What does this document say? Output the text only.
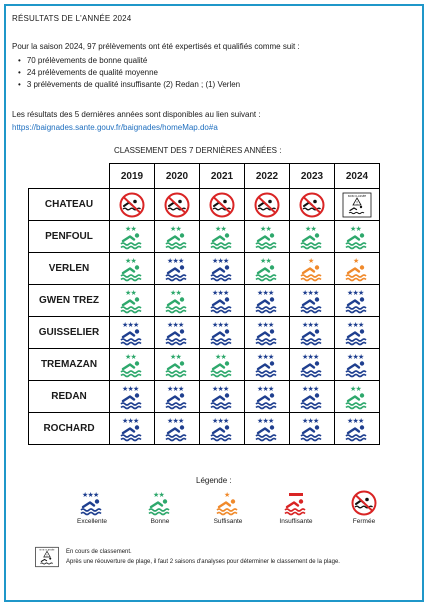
RÉSULTATS DE L'ANNÉE 2024
Pour la saison 2024, 97 prélèvements ont été expertisés et qualifiés comme suit :
• 70 prélèvements de bonne qualité
• 24 prélèvements de qualité moyenne
• 3 prélèvements de qualité insuffisante (2) Redan ; (1) Verlen
Les résultats des 5 dernières années sont disponibles au lien suivant :
https://baignades.sante.gouv.fr/baignades/homeMap.do#a
CLASSEMENT DES 7 DERNIÈRES ANNÉES :
	2019	2020	2021	2022	2023	2024
CHATEAU						NON CLASSÉE
!

PENFOUL	★ ★	★ ★	★ ★	★ ★	★ ★	★ ★

VERLEN	★ ★	★ ★ ★	★ ★ ★	★ ★	★	★

GWEN TREZ	★ ★	★ ★	★ ★ ★	★ ★ ★	★ ★ ★	★ ★ ★

GUISSELIER	★ ★ ★	★ ★ ★	★ ★ ★	★ ★ ★	★ ★ ★	★ ★ ★

TREMAZAN	★ ★	★ ★	★ ★	★ ★ ★	★ ★ ★	★ ★ ★

REDAN	★ ★ ★	★ ★ ★	★ ★ ★	★ ★ ★	★ ★ ★	★ ★

ROCHARD	★ ★ ★	★ ★ ★	★ ★ ★	★ ★ ★	★ ★ ★	★ ★ ★
Légende :
★ ★ ★
Excellente
★ ★
Bonne
★
Suffisante	Insuffisante	Fermée
NON CLASSÉE
!
En cours de classement.
Après une réouverture de plage, il faut 2 saisons d'analyses pour déterminer le classement de la plage.
